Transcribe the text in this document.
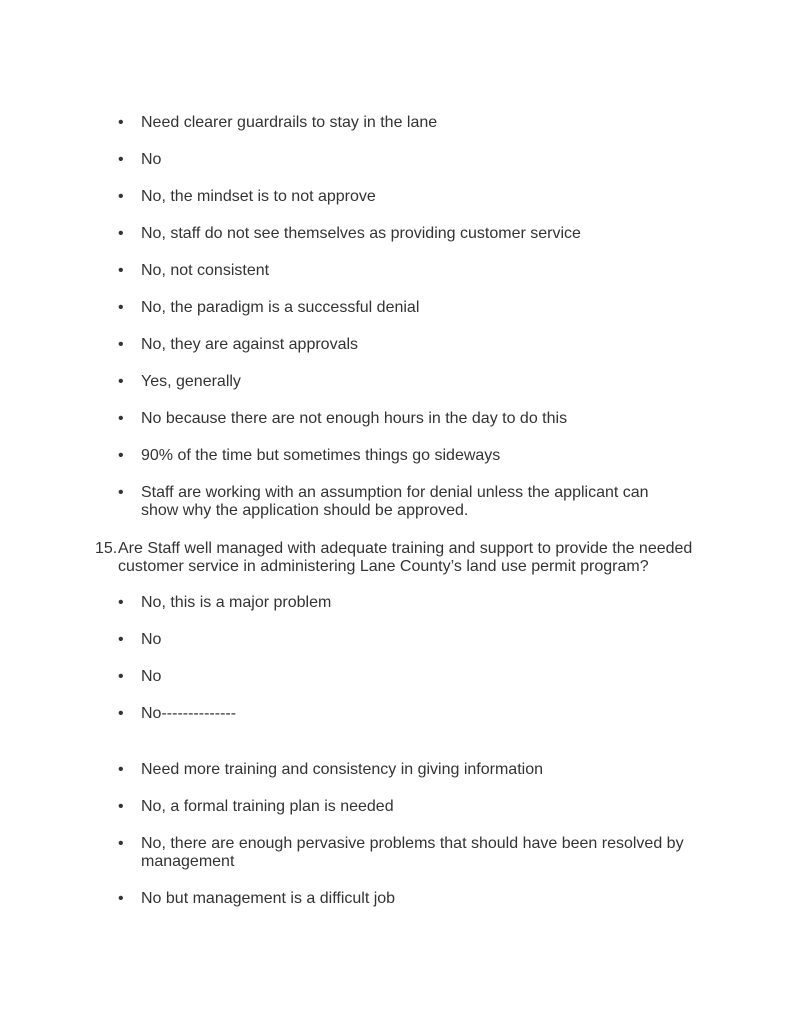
• Need clearer guardrails to stay in the lane
• No
• No, the mindset is to not approve
• No, staff do not see themselves as providing customer service
• No, not consistent
• No, the paradigm is a successful denial
• No, they are against approvals
• Yes, generally
• No because there are not enough hours in the day to do this
• 90% of the time but sometimes things go sideways
• Staff are working with an assumption for denial unless the applicant can show why the application should be approved.
15. Are Staff well managed with adequate training and support to provide the needed customer service in administering Lane County’s land use permit program?
• No, this is a major problem
• No
• No
• No--------------
• Need more training and consistency in giving information
• No, a formal training plan is needed
• No, there are enough pervasive problems that should have been resolved by management
• No but management is a difficult job
